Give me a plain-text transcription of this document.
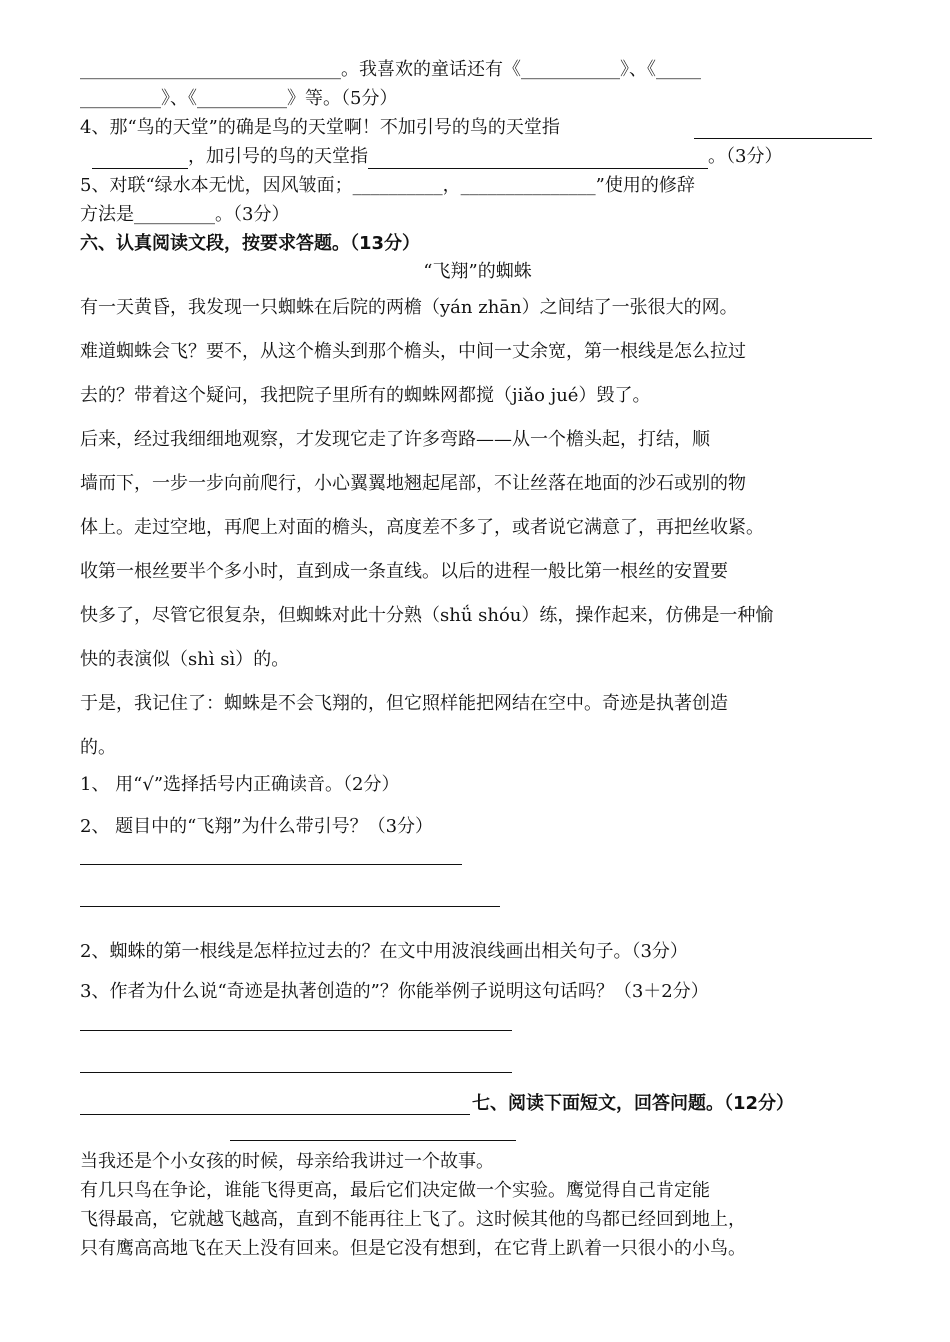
_____________________________。我喜欢的童话还有《___________》、《_____
_________》、《__________》等。（5分）
4、那“鸟的天堂”的确是鸟的天堂啊！不加引号的鸟的天堂指
，加引号的鸟的天堂指	。（3分）
5、对联“绿水本无忧，因风皱面；__________，_______________”使用的修辞
方法是_________。（3分）
六、认真阅读文段，按要求答题。（13分）
“飞翔”的蜘蛛
有一天黄昏，我发现一只蜘蛛在后院的两檐（yán zhān）之间结了一张很大的网。
难道蜘蛛会飞？要不，从这个檐头到那个檐头，中间一丈余宽，第一根线是怎么拉过
去的？带着这个疑问，我把院子里所有的蜘蛛网都搅（jiǎo jué）毁了。
后来，经过我细细地观察，才发现它走了许多弯路——从一个檐头起，打结，顺
墙而下，一步一步向前爬行，小心翼翼地翘起尾部，不让丝落在地面的沙石或别的物
体上。走过空地，再爬上对面的檐头，高度差不多了，或者说它满意了，再把丝收紧。
收第一根丝要半个多小时，直到成一条直线。以后的进程一般比第一根丝的安置要
快多了，尽管它很复杂，但蜘蛛对此十分熟（shǘ shóu）练，操作起来，仿佛是一种愉
快的表演似（shì sì）的。
于是，我记住了：蜘蛛是不会飞翔的，但它照样能把网结在空中。奇迹是执著创造
的。
1、 用“√”选择括号内正确读音。（2分）
2、 题目中的“飞翔”为什么带引号？（3分）
2、蜘蛛的第一根线是怎样拉过去的？在文中用波浪线画出相关句子。（3分）
3、作者为什么说“奇迹是执著创造的”？你能举例子说明这句话吗？（3＋2分）
七、阅读下面短文，回答问题。（12分）
当我还是个小女孩的时候，母亲给我讲过一个故事。
有几只鸟在争论，谁能飞得更高，最后它们决定做一个实验。鹰觉得自己肯定能
飞得最高，它就越飞越高，直到不能再往上飞了。这时候其他的鸟都已经回到地上，
只有鹰高高地飞在天上没有回来。但是它没有想到，在它背上趴着一只很小的小鸟。
